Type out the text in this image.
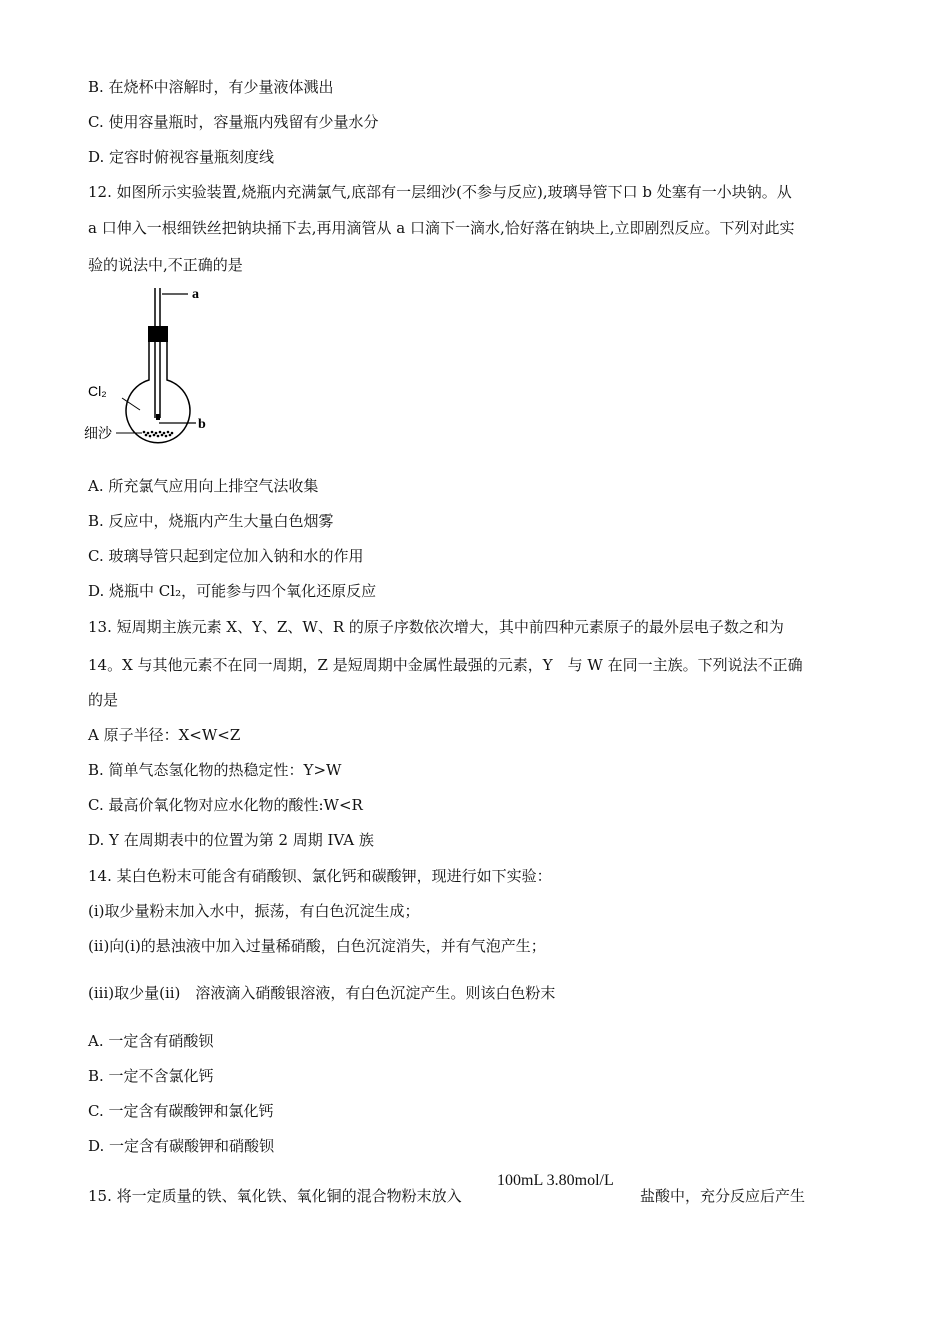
B. 在烧杯中溶解时，有少量液体溅出
C. 使用容量瓶时，容量瓶内残留有少量水分
D. 定容时俯视容量瓶刻度线
12. 如图所示实验装置,烧瓶内充满氯气,底部有一层细沙(不参与反应),玻璃导管下口 b 处塞有一小块钠。从
a 口伸入一根细铁丝把钠块捅下去,再用滴管从 a 口滴下一滴水,恰好落在钠块上,立即剧烈反应。下列对此实
验的说法中,不正确的是
a
b
Cl₂
细沙
A. 所充氯气应用向上排空气法收集
B. 反应中，烧瓶内产生大量白色烟雾
C. 玻璃导管只起到定位加入钠和水的作用
D. 烧瓶中 Cl₂，可能参与四个氧化还原反应
13. 短周期主族元素 X、Y、Z、W、R 的原子序数依次增大，其中前四种元素原子的最外层电子数之和为
14。X 与其他元素不在同一周期，Z 是短周期中金属性最强的元素，Y　与 W 在同一主族。下列说法不正确
的是
A 原子半径：X<W<Z
B. 简单气态氢化物的热稳定性：Y>W
C. 最高价氧化物对应水化物的酸性:W<R
D. Y 在周期表中的位置为第 2 周期 IVA 族
14. 某白色粉末可能含有硝酸钡、氯化钙和碳酸钾，现进行如下实验：
(i)取少量粉末加入水中，振荡，有白色沉淀生成；
(ii)向(i)的悬浊液中加入过量稀硝酸，白色沉淀消失，并有气泡产生；
(iii)取少量(ii)　溶液滴入硝酸银溶液，有白色沉淀产生。则该白色粉末
A. 一定含有硝酸钡
B. 一定不含氯化钙
C. 一定含有碳酸钾和氯化钙
D. 一定含有碳酸钾和硝酸钡
15. 将一定质量的铁、氧化铁、氧化铜的混合物粉末放入
100mL 3.80mol/L
盐酸中，充分反应后产生
